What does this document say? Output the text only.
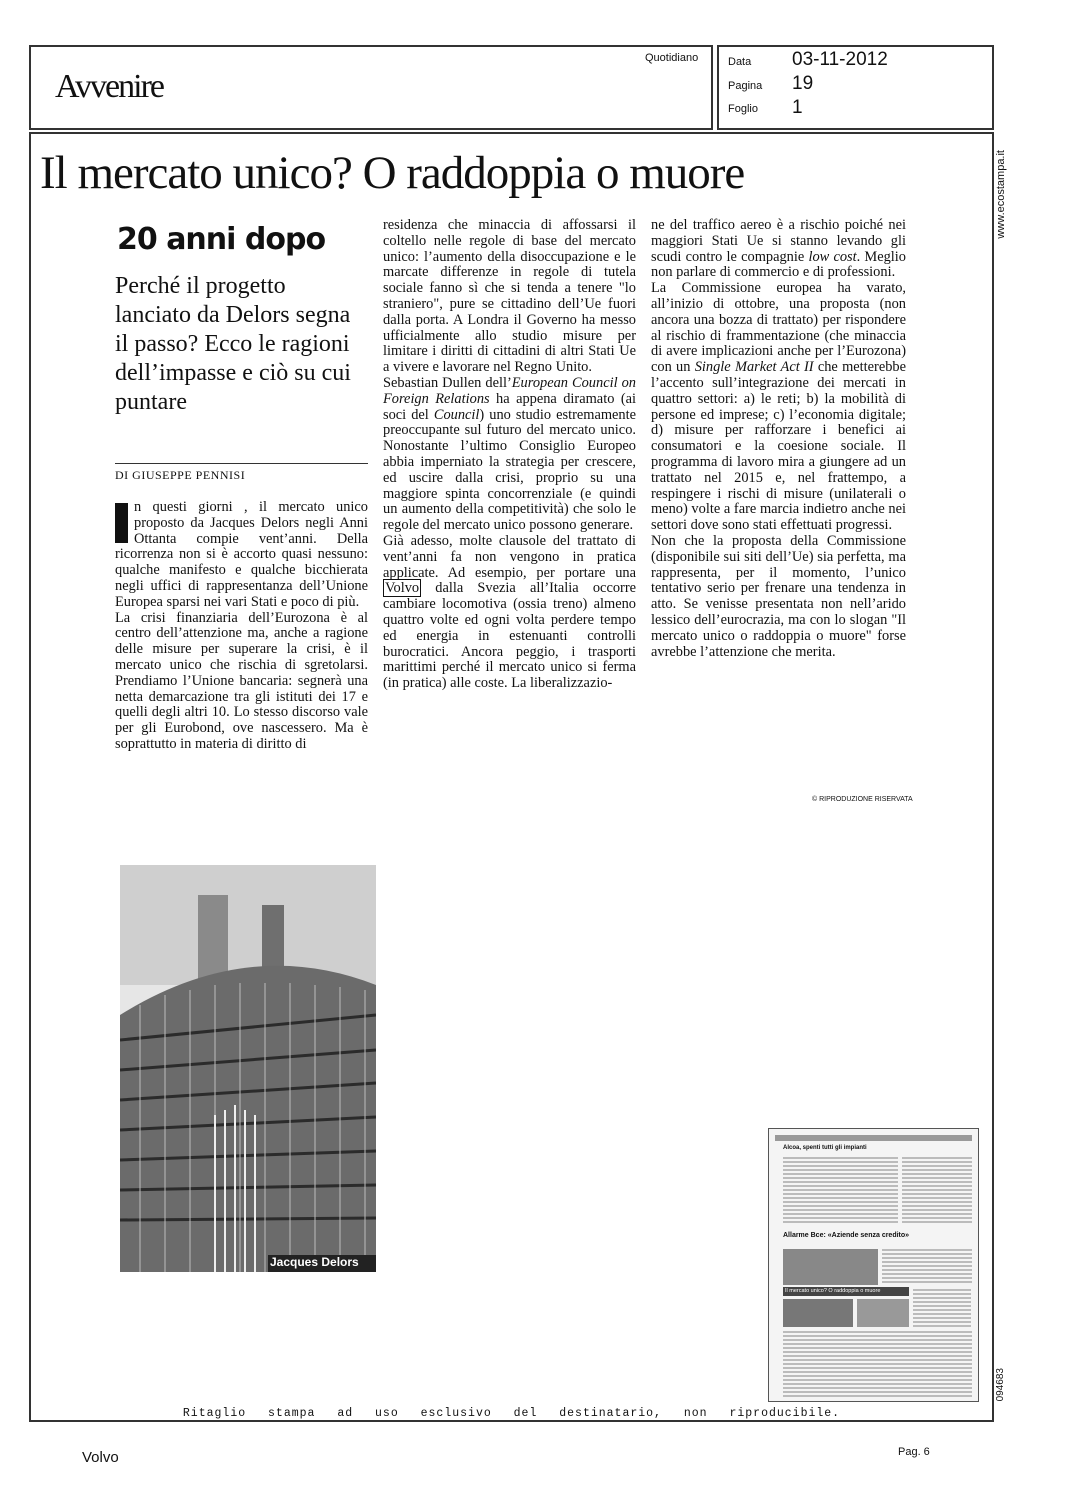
Avvenire
Quotidiano	Data 03-11-2012
Pagina 19
Foglio 1
Il mercato unico? O raddoppia o muore
20 anni dopo
Perché il progetto lanciato da Delors segna il passo? Ecco le ragioni dell’impasse e ciò su cui puntare
DI GIUSEPPE PENNISI

n questi giorni , il mercato unico proposto da Jacques Delors negli Anni Ottanta compie vent’anni. Della ricorrenza non si è accorto quasi nessuno: qualche manifesto e qualche bicchierata negli uffici di rappresentanza dell’Unione Europea sparsi nei vari Stati e poco di più.

La crisi finanziaria dell’Eurozona è al centro dell’attenzione ma, anche a ragione delle misure per superare la crisi, è il mercato unico che rischia di sgretolarsi. Prendiamo l’Unione bancaria: segnerà una netta demarcazione tra gli istituti dei 17 e quelli degli altri 10. Lo stesso discorso vale per gli Eurobond, ove nascessero. Ma è soprattutto in materia di diritto di

residenza che minaccia di affossarsi il coltello nelle regole di base del mercato unico: l’aumento della disoccupazione e le marcate differenze in regole di tutela sociale fanno sì che si tenda a tenere "lo straniero", pure se cittadino dell’Ue fuori dalla porta. A Londra il Governo ha messo ufficialmente allo studio misure per limitare i diritti di cittadini di altri Stati Ue a vivere e lavorare nel Regno Unito.

Sebastian Dullen dell’European Council on Foreign Relations ha appena diramato (ai soci del Council) uno studio estremamente preoccupante sul futuro del mercato unico. Nonostante l’ultimo Consiglio Europeo abbia imperniato la strategia per crescere, ed uscire dalla crisi, proprio su una maggiore spinta concorrenziale (e quindi un aumento della competitività) che solo le regole del mercato unico possono generare.

Già adesso, molte clausole del trattato di vent’anni fa non vengono in pratica applicate. Ad esempio, per portare una Volvo dalla Svezia all’Italia occorre cambiare locomotiva (ossia treno) almeno quattro volte ed ogni volta perdere tempo ed energia in estenuanti controlli burocratici. Ancora peggio, i trasporti marittimi perché il mercato unico si ferma (in pratica) alle coste. La liberalizzazio-

ne del traffico aereo è a rischio poiché nei maggiori Stati Ue si stanno levando gli scudi contro le compagnie low cost. Meglio non parlare di commercio e di professioni.

La Commissione europea ha varato, all’inizio di ottobre, una proposta (non ancora una bozza di trattato) per rispondere al rischio di frammentazione (che minaccia di avere implicazioni anche per l’Eurozona) con un Single Market Act II che metterebbe l’accento sull’integrazione dei mercati in quattro settori: a) le reti; b) la mobilità di persone ed imprese; c) l’economia digitale; d) misure per rafforzare i benefici ai consumatori e la coesione sociale. Il programma di lavoro mira a giungere ad un trattato nel 2015 e, nel frattempo, a respingere i rischi di misure (unilaterali o meno) volte a fare marcia indietro anche nei settori dove sono stati effettuati progressi.

Non che la proposta della Commissione (disponibile sui siti dell’Ue) sia perfetta, ma rappresenta, per il momento, l’unico tentativo serio per frenare una tendenza in atto. Se venisse presentata non nell’arido lessico dell’eurocrazia, ma con lo slogan "Il mercato unico o raddoppia o muore" forse avrebbe l’attenzione che merita.

© RIPRODUZIONE RISERVATA
Jacques Delors
Alcoa, spenti tutti gli impianti
Allarme Bce: «Aziende senza credito»
Il mercato unico? O raddoppia o muore
Ritaglio stampa ad uso esclusivo del destinatario, non riproducibile.
www.ecostampa.it
094683
Volvo	Pag. 6
